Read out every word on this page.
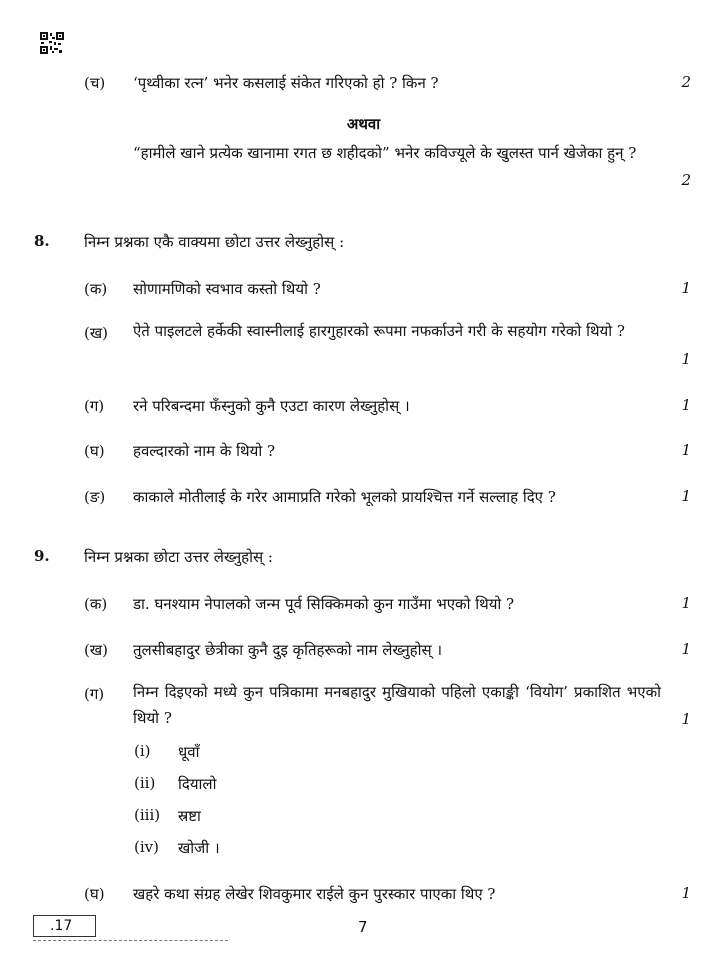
(च) ‘पृथ्वीका रत्न’ भनेर कसलाई संकेत गरिएको हो ? किन ?	2
अथवा
“हामीले खाने प्रत्येक खानामा रगत छ शहीदको” भनेर कविज्यूले के खुलस्त पार्न खेजेका हुन् ?
2
8. निम्न प्रश्नका एकै वाक्यमा छोटा उत्तर लेख्नुहोस् :
(क) सोणामणिको स्वभाव कस्तो थियो ?	1
(ख) ऐते पाइलटले हर्केकी स्वास्नीलाई हारगुहारको रूपमा नफर्काउने गरी के सहयोग गरेको थियो ?
1
(ग) रने परिबन्दमा फँस्नुको कुनै एउटा कारण लेख्नुहोस् ।	1
(घ) हवल्दारको नाम के थियो ?	1
(ङ) काकाले मोतीलाई के गरेर आमाप्रति गरेको भूलको प्रायश्चित्त गर्ने सल्लाह दिए ?	1
9. निम्न प्रश्नका छोटा उत्तर लेख्नुहोस् :
(क) डा. घनश्याम नेपालको जन्म पूर्व सिक्किमको कुन गाउँमा भएको थियो ?	1
(ख) तुलसीबहादुर छेत्रीका कुनै दुइ कृतिहरूको नाम लेख्नुहोस् ।	1
(ग) निम्न दिइएको मध्ये कुन पत्रिकामा मनबहादुर मुखियाको पहिलो एकाङ्की ‘वियोग’ प्रकाशित भएको थियो ?	1
(i) धूवाँ
(ii) दियालो
(iii) स्रष्टा
(iv) खोजी ।
(घ) खहरे कथा संग्रह लेखेर शिवकुमार राईले कुन पुरस्कार पाएका थिए ?	1
.17	7
